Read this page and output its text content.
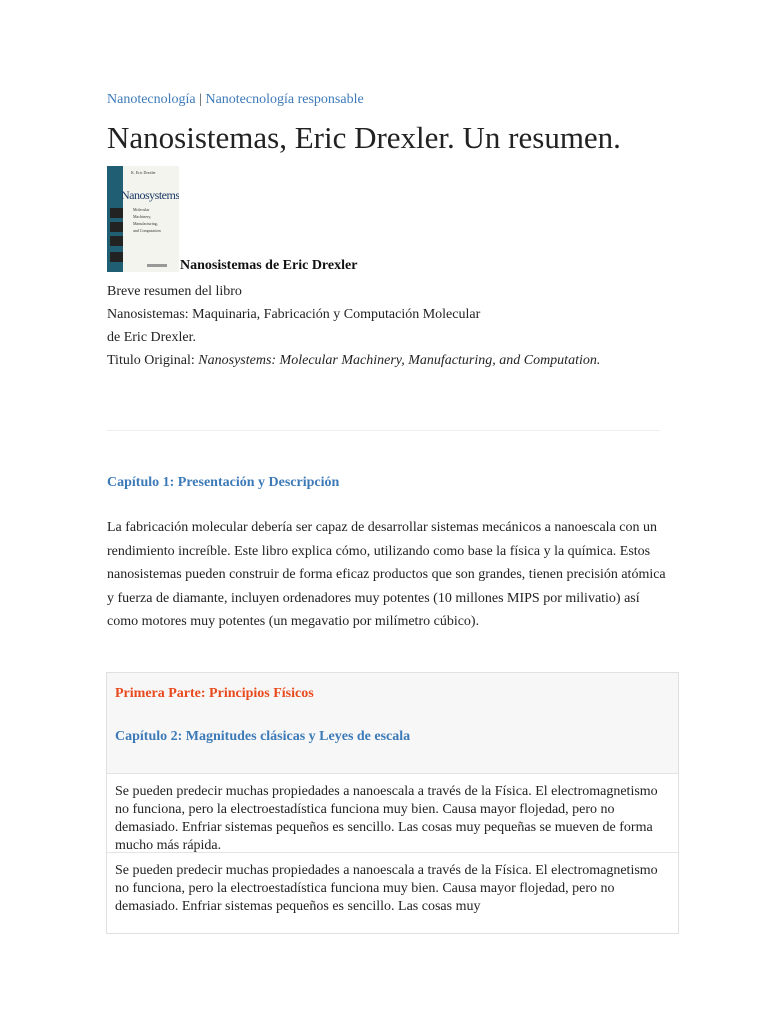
Nanotecnología | Nanotecnología responsable
Nanosistemas, Eric Drexler. Un resumen.
K. Eric Drexler
Nanosystems
Molecular
Machinery,
Manufacturing,
and Computation
Nanosistemas de Eric Drexler

Breve resumen del libro

Nanosistemas: Maquinaria, Fabricación y Computación Molecular

de Eric Drexler.

Titulo Original: Nanosystems: Molecular Machinery, Manufacturing, and Computation.

Capítulo 1: Presentación y Descripción

La fabricación molecular debería ser capaz de desarrollar sistemas mecánicos a nanoescala con un rendimiento increíble. Este libro explica cómo, utilizando como base la física y la química. Estos nanosistemas pueden construir de forma eficaz productos que son grandes, tienen precisión atómica y fuerza de diamante, incluyen ordenadores muy potentes (10 millones MIPS por milivatio) así como motores muy potentes (un megavatio por milímetro cúbico).

Primera Parte: Principios Físicos
Capítulo 2: Magnitudes clásicas y Leyes de escala
Se pueden predecir muchas propiedades a nanoescala a través de la Física. El electromagnetismo no funciona, pero la electroestadística funciona muy bien. Causa mayor flojedad, pero no demasiado. Enfriar sistemas pequeños es sencillo. Las cosas muy pequeñas se mueven de forma mucho más rápida.
Se pueden predecir muchas propiedades a nanoescala a través de la Física. El electromagnetismo no funciona, pero la electroestadística funciona muy bien. Causa mayor flojedad, pero no demasiado. Enfriar sistemas pequeños es sencillo. Las cosas muy
